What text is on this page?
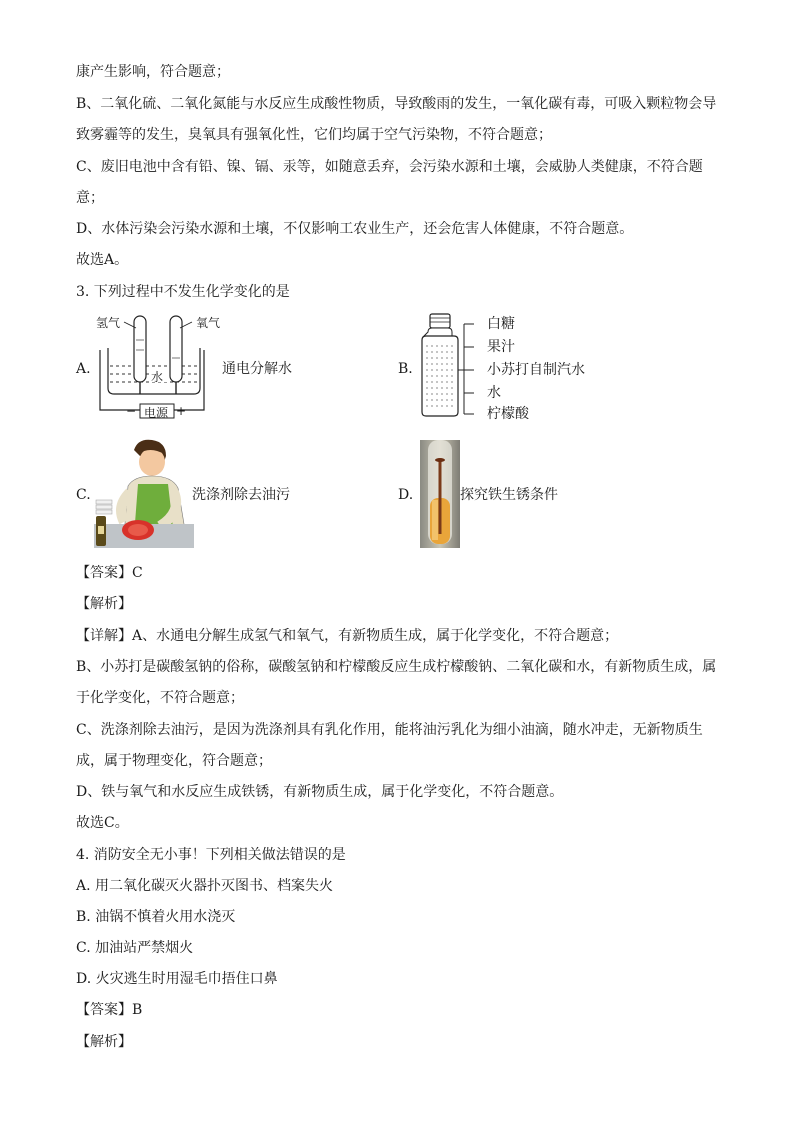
康产生影响，符合题意；
B、二氧化硫、二氧化氮能与水反应生成酸性物质，导致酸雨的发生，一氧化碳有毒，可吸入颗粒物会导
致雾霾等的发生，臭氧具有强氧化性，它们均属于空气污染物，不符合题意；
C、废旧电池中含有铅、镍、镉、汞等，如随意丢弃，会污染水源和土壤，会威胁人类健康，不符合题
意；
D、水体污染会污染水源和土壤，不仅影响工农业生产，还会危害人体健康，不符合题意。
故选A。
3. 下列过程中不发生化学变化的是
A.
氢气	氧气
水
电源
−	+
通电分解水	B.
白糖
果汁
小苏打自制汽水
水
柠檬酸
C.	洗涤剂除去油污	D.	探究铁生锈条件
【答案】C
【解析】
【详解】A、水通电分解生成氢气和氧气，有新物质生成，属于化学变化，不符合题意；
B、小苏打是碳酸氢钠的俗称，碳酸氢钠和柠檬酸反应生成柠檬酸钠、二氧化碳和水，有新物质生成，属
于化学变化，不符合题意；
C、洗涤剂除去油污，是因为洗涤剂具有乳化作用，能将油污乳化为细小油滴，随水冲走，无新物质生
成，属于物理变化，符合题意；
D、铁与氧气和水反应生成铁锈，有新物质生成，属于化学变化，不符合题意。
故选C。
4. 消防安全无小事！下列相关做法错误的是
A. 用二氧化碳灭火器扑灭图书、档案失火
B. 油锅不慎着火用水浇灭
C. 加油站严禁烟火
D. 火灾逃生时用湿毛巾捂住口鼻
【答案】B
【解析】
